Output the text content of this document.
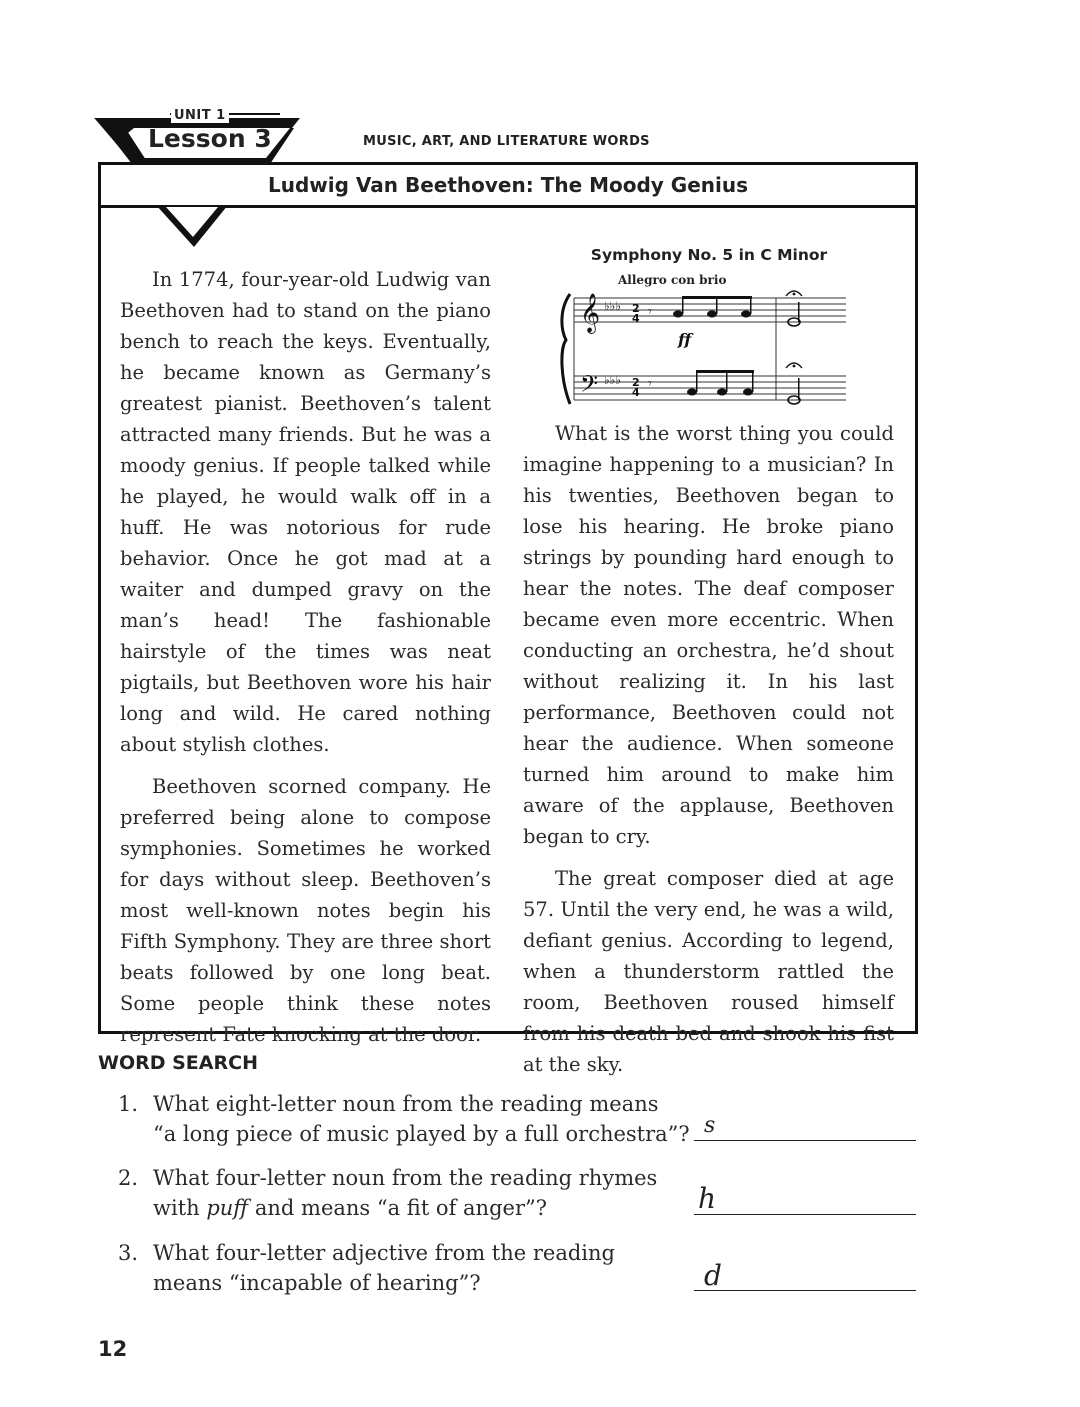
UNIT 1
Lesson 3	MUSIC, ART, AND LITERATURE WORDS
Ludwig Van Beethoven: The Moody Genius

In 1774, four-year-old Ludwig van Beethoven had to stand on the piano bench to reach the keys. Eventually, he became known as Germany’s greatest pianist. Beethoven’s talent attracted many friends. But he was a moody genius. If people talked while he played, he would walk off in a huff. He was notorious for rude behavior. Once he got mad at a waiter and dumped gravy on the man’s head! The fashionable hairstyle of the times was neat pigtails, but Beethoven wore his hair long and wild. He cared nothing about stylish clothes.

Beethoven scorned company. He preferred being alone to compose symphonies. Sometimes he worked for days without sleep. Beethoven’s most well-known notes begin his Fifth Symphony. They are three short beats followed by one long beat. Some people think these notes represent Fate knocking at the door.

Symphony No. 5 in C Minor
Allegro con brio
𝄞
𝄢
♭♭♭
♭♭♭
2
4
2
4
𝄾
𝄾
ff

What is the worst thing you could imagine happening to a musician? In his twenties, Beethoven began to lose his hearing. He broke piano strings by pounding hard enough to hear the notes. The deaf composer became even more eccentric. When conducting an orchestra, he’d shout without realizing it. In his last performance, Beethoven could not hear the audience. When someone turned him around to make him aware of the applause, Beethoven began to cry.

The great composer died at age 57. Until the very end, he was a wild, defiant genius. According to legend, when a thunderstorm rattled the room, Beethoven roused himself from his death bed and shook his fist at the sky.

WORD SEARCH
1. What eight-letter noun from the reading means
“a long piece of music played by a full orchestra”? s
2. What four-letter noun from the reading rhymes
with puff and means “a fit of anger”?	h
3. What four-letter adjective from the reading
means “incapable of hearing”?	d
12
